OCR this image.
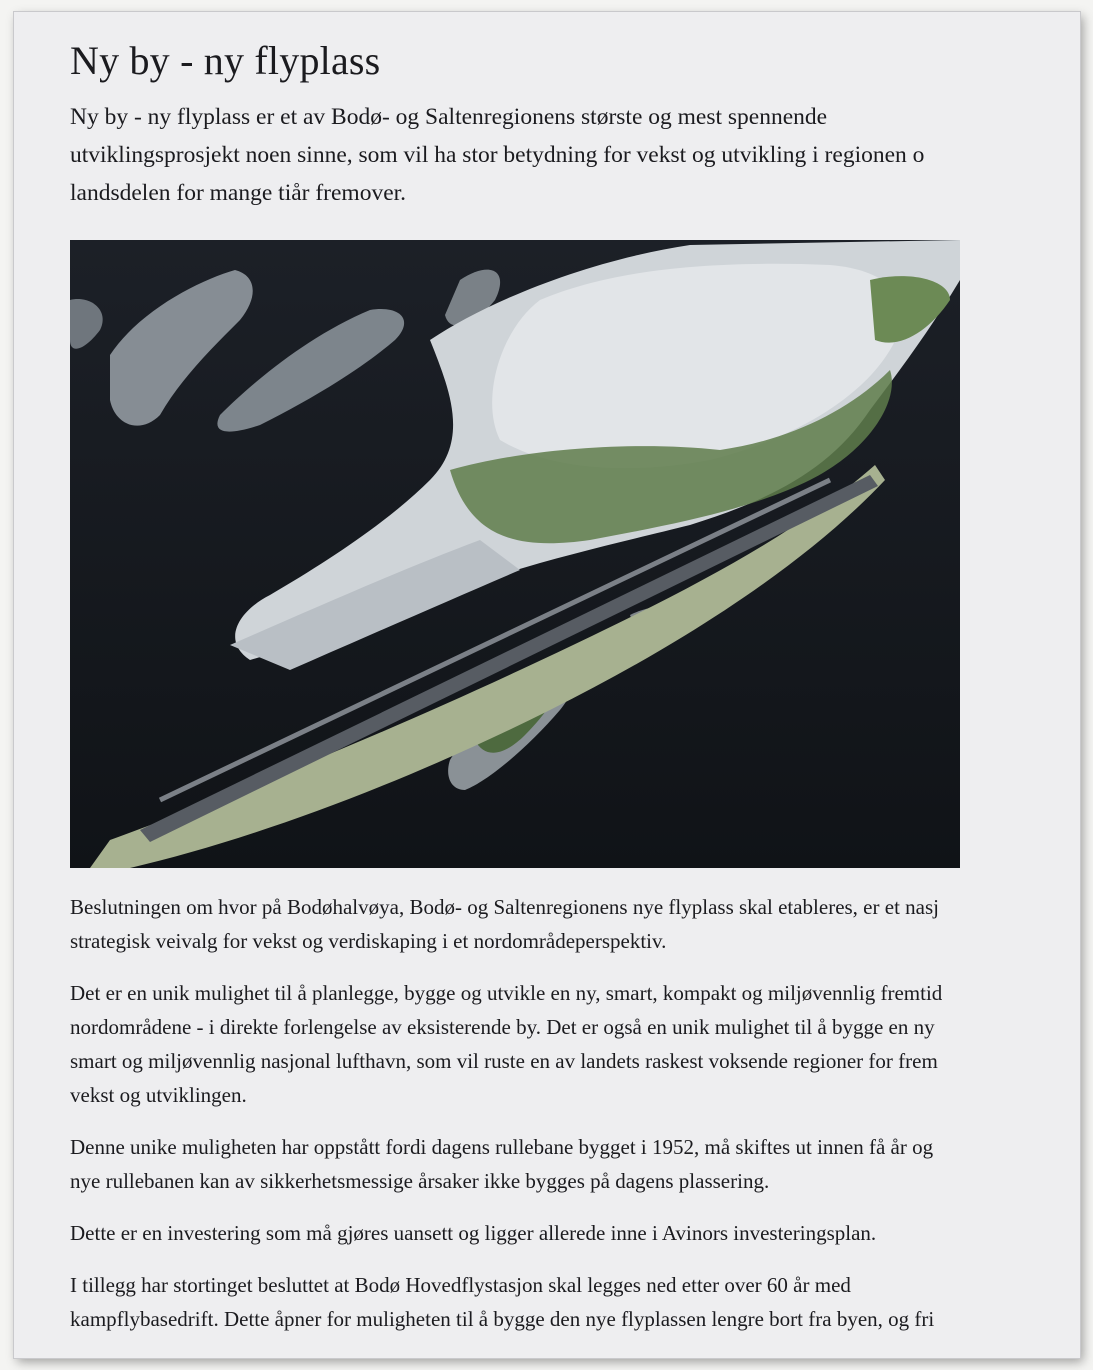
Ny by - ny flyplass

Ny by - ny flyplass er et av Bodø- og Saltenregionens største og mest spennende
utviklingsprosjekt noen sinne, som vil ha stor betydning for vekst og utvikling i regionen o
landsdelen for mange tiår fremover.

Beslutningen om hvor på Bodøhalvøya, Bodø- og Saltenregionens nye flyplass skal etableres, er et nasj
strategisk veivalg for vekst og verdiskaping i et nordområdeperspektiv.

Det er en unik mulighet til å planlegge, bygge og utvikle en ny, smart, kompakt og miljøvennlig fremtid
nordområdene - i direkte forlengelse av eksisterende by. Det er også en unik mulighet til å bygge en ny
smart og miljøvennlig nasjonal lufthavn, som vil ruste en av landets raskest voksende regioner for frem
vekst og utviklingen.

Denne unike muligheten har oppstått fordi dagens rullebane bygget i 1952, må skiftes ut innen få år og
nye rullebanen kan av sikkerhetsmessige årsaker ikke bygges på dagens plassering.

Dette er en investering som må gjøres uansett og ligger allerede inne i Avinors investeringsplan.

I tillegg har stortinget besluttet at Bodø Hovedflystasjon skal legges ned etter over 60 år med
kampflybasedrift. Dette åpner for muligheten til å bygge den nye flyplassen lengre bort fra byen, og fri
